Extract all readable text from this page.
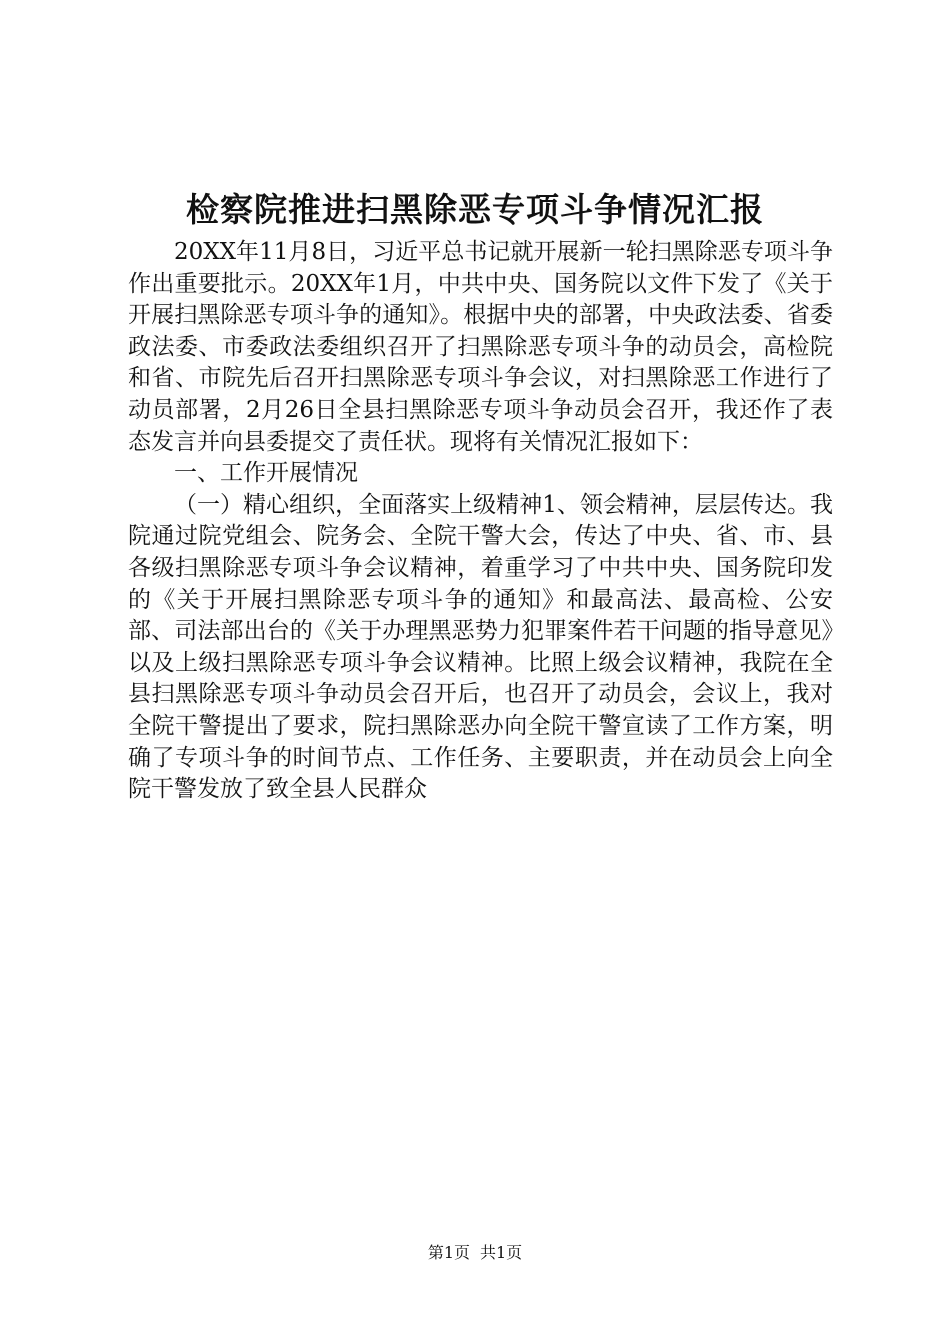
检察院推进扫黑除恶专项斗争情况汇报

20XX年11月8日，习近平总书记就开展新一轮扫黑除恶专项斗争作出重要批示。20XX年1月，中共中央、国务院以文件下发了《关于开展扫黑除恶专项斗争的通知》。根据中央的部署，中央政法委、省委政法委、市委政法委组织召开了扫黑除恶专项斗争的动员会，高检院和省、市院先后召开扫黑除恶专项斗争会议，对扫黑除恶工作进行了动员部署，2月26日全县扫黑除恶专项斗争动员会召开，我还作了表态发言并向县委提交了责任状。现将有关情况汇报如下：

一、工作开展情况

（一）精心组织，全面落实上级精神1、领会精神，层层传达。我院通过院党组会、院务会、全院干警大会，传达了中央、省、市、县各级扫黑除恶专项斗争会议精神，着重学习了中共中央、国务院印发的《关于开展扫黑除恶专项斗争的通知》和最高法、最高检、公安部、司法部出台的《关于办理黑恶势力犯罪案件若干问题的指导意见》以及上级扫黑除恶专项斗争会议精神。比照上级会议精神，我院在全县扫黑除恶专项斗争动员会召开后，也召开了动员会，会议上，我对全院干警提出了要求，院扫黑除恶办向全院干警宣读了工作方案，明确了专项斗争的时间节点、工作任务、主要职责，并在动员会上向全院干警发放了致全县人民群众

第1页 共1页
